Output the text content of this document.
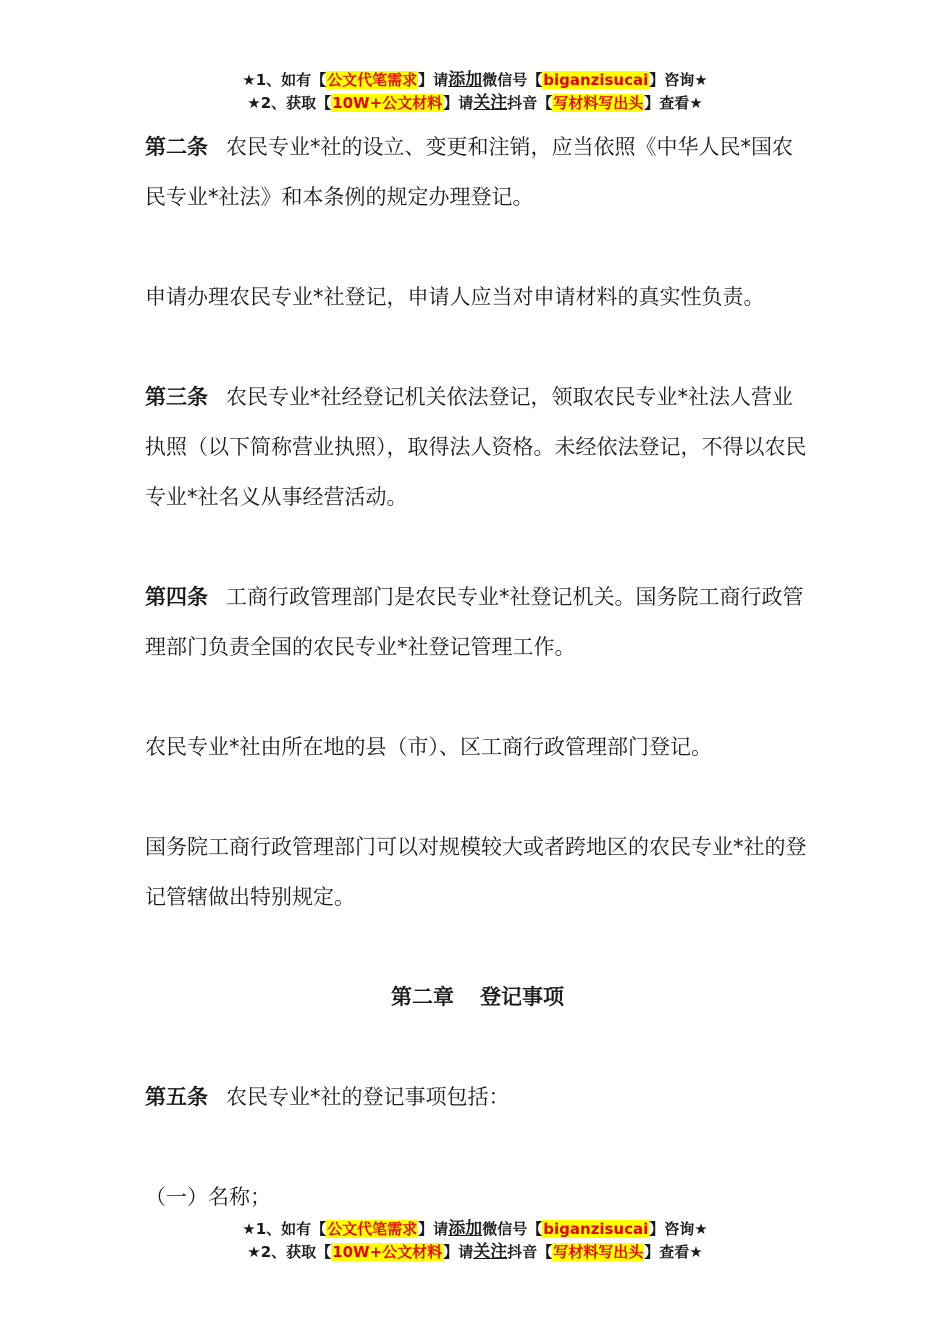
★1、如有【公文代笔需求】请添加微信号【biganzisucai】咨询★
★2、获取【10W+公文材料】请关注抖音【写材料写出头】查看★

第二条 农民专业*社的设立、变更和注销，应当依照《中华人民*国农民专业*社法》和本条例的规定办理登记。

申请办理农民专业*社登记，申请人应当对申请材料的真实性负责。

第三条 农民专业*社经登记机关依法登记，领取农民专业*社法人营业执照（以下简称营业执照），取得法人资格。未经依法登记，不得以农民专业*社名义从事经营活动。

第四条 工商行政管理部门是农民专业*社登记机关。国务院工商行政管理部门负责全国的农民专业*社登记管理工作。

农民专业*社由所在地的县（市）、区工商行政管理部门登记。

国务院工商行政管理部门可以对规模较大或者跨地区的农民专业*社的登记管辖做出特别规定。

第二章 登记事项

第五条 农民专业*社的登记事项包括：

（一）名称；

★1、如有【公文代笔需求】请添加微信号【biganzisucai】咨询★
★2、获取【10W+公文材料】请关注抖音【写材料写出头】查看★
